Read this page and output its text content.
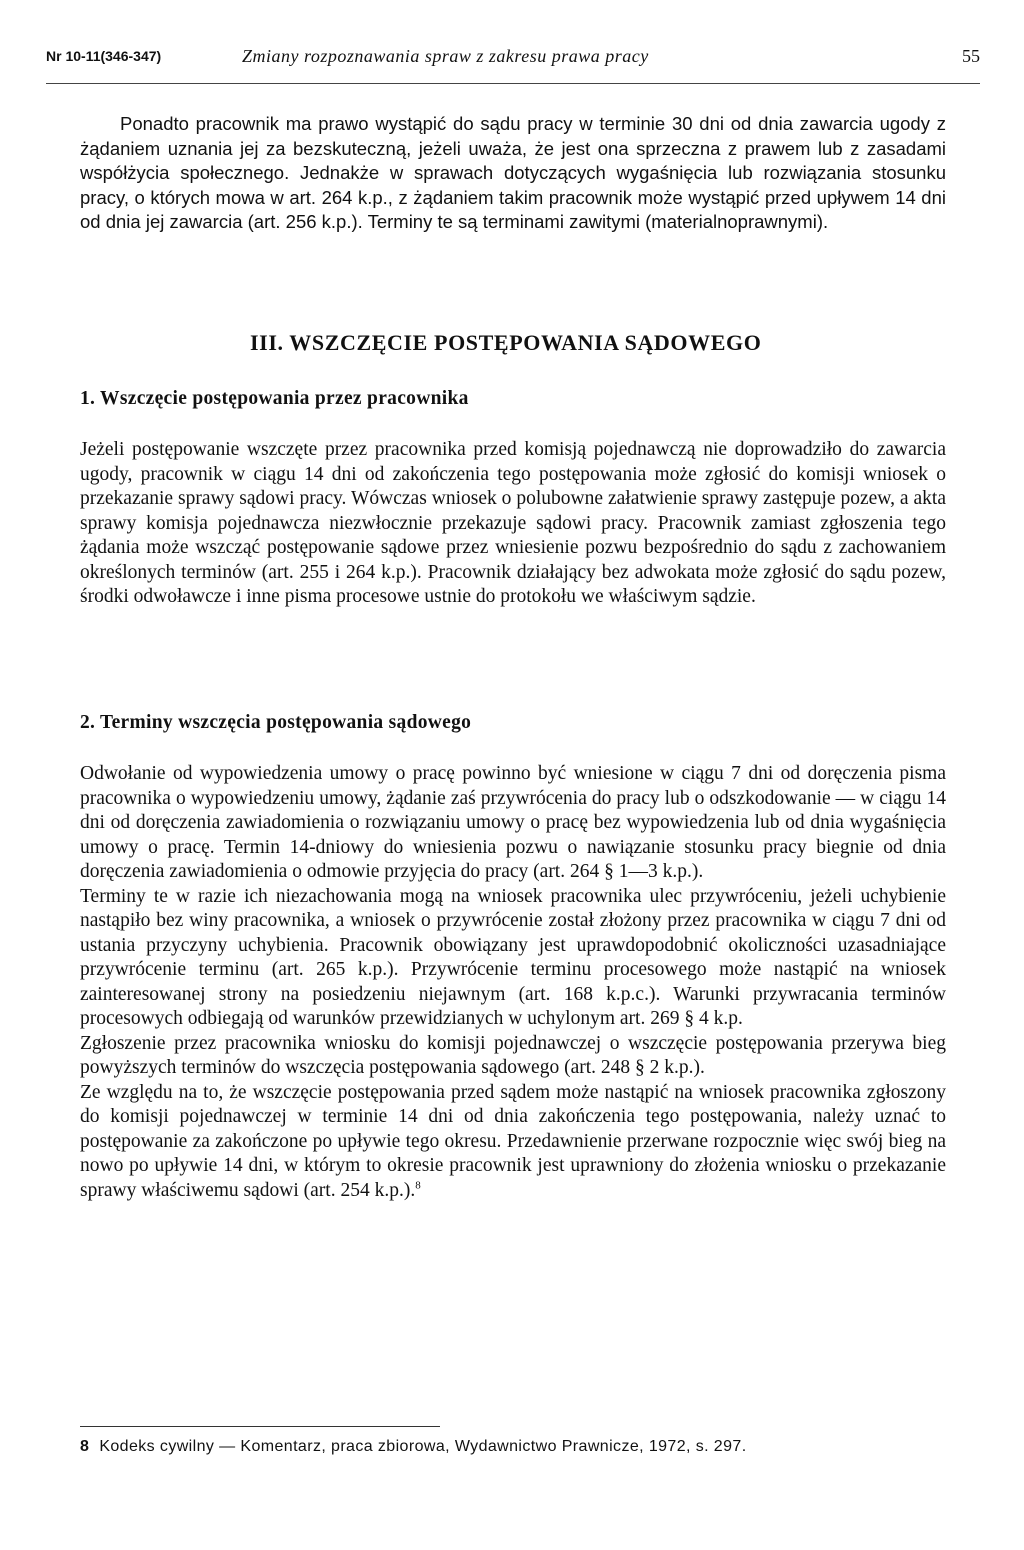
Nr 10-11(346-347)	Zmiany rozpoznawania spraw z zakresu prawa pracy	55

Ponadto pracownik ma prawo wystąpić do sądu pracy w terminie 30 dni od dnia zawarcia ugody z żądaniem uznania jej za bezskuteczną, jeżeli uważa, że jest ona sprzeczna z prawem lub z zasadami współżycia społecznego. Jednakże w sprawach dotyczących wygaśnięcia lub rozwiązania stosunku pracy, o których mowa w art. 264 k.p., z żądaniem takim pracownik może wystąpić przed upływem 14 dni od dnia jej zawarcia (art. 256 k.p.). Terminy te są terminami zawitymi (materialnoprawnymi).

III. WSZCZĘCIE POSTĘPOWANIA SĄDOWEGO
1. Wszczęcie postępowania przez pracownika

Jeżeli postępowanie wszczęte przez pracownika przed komisją pojednawczą nie doprowadziło do zawarcia ugody, pracownik w ciągu 14 dni od zakończenia tego postępowania może zgłosić do komisji wniosek o przekazanie sprawy sądowi pracy. Wówczas wniosek o polubowne załatwienie sprawy zastępuje pozew, a akta sprawy komisja pojednawcza niezwłocznie przekazuje sądowi pracy. Pracownik zamiast zgłoszenia tego żądania może wszcząć postępowanie sądowe przez wniesienie pozwu bezpośrednio do sądu z zachowaniem określonych terminów (art. 255 i 264 k.p.). Pracownik działający bez adwokata może zgłosić do sądu pozew, środki odwoławcze i inne pisma procesowe ustnie do protokołu we właściwym sądzie.

2. Terminy wszczęcia postępowania sądowego

Odwołanie od wypowiedzenia umowy o pracę powinno być wniesione w ciągu 7 dni od doręczenia pisma pracownika o wypowiedzeniu umowy, żądanie zaś przywrócenia do pracy lub o odszkodowanie — w ciągu 14 dni od doręczenia zawiadomienia o rozwiązaniu umowy o pracę bez wypowiedzenia lub od dnia wygaśnięcia umowy o pracę. Termin 14-dniowy do wniesienia pozwu o nawiązanie stosunku pracy biegnie od dnia doręczenia zawiadomienia o odmowie przyjęcia do pracy (art. 264 § 1—3 k.p.).

Terminy te w razie ich niezachowania mogą na wniosek pracownika ulec przywróceniu, jeżeli uchybienie nastąpiło bez winy pracownika, a wniosek o przywrócenie został złożony przez pracownika w ciągu 7 dni od ustania przyczyny uchybienia. Pracownik obowiązany jest uprawdopodobnić okoliczności uzasadniające przywrócenie terminu (art. 265 k.p.). Przywrócenie terminu procesowego może nastąpić na wniosek zainteresowanej strony na posiedzeniu niejawnym (art. 168 k.p.c.). Warunki przywracania terminów procesowych odbiegają od warunków przewidzianych w uchylonym art. 269 § 4 k.p.

Zgłoszenie przez pracownika wniosku do komisji pojednawczej o wszczęcie postępowania przerywa bieg powyższych terminów do wszczęcia postępowania sądowego (art. 248 § 2 k.p.).

Ze względu na to, że wszczęcie postępowania przed sądem może nastąpić na wniosek pracownika zgłoszony do komisji pojednawczej w terminie 14 dni od dnia zakończenia tego postępowania, należy uznać to postępowanie za zakończone po upływie tego okresu. Przedawnienie przerwane rozpocznie więc swój bieg na nowo po upływie 14 dni, w którym to okresie pracownik jest uprawniony do złożenia wniosku o przekazanie sprawy właściwemu sądowi (art. 254 k.p.).$^8$

8 Kodeks cywilny — Komentarz, praca zbiorowa, Wydawnictwo Prawnicze, 1972, s. 297.
